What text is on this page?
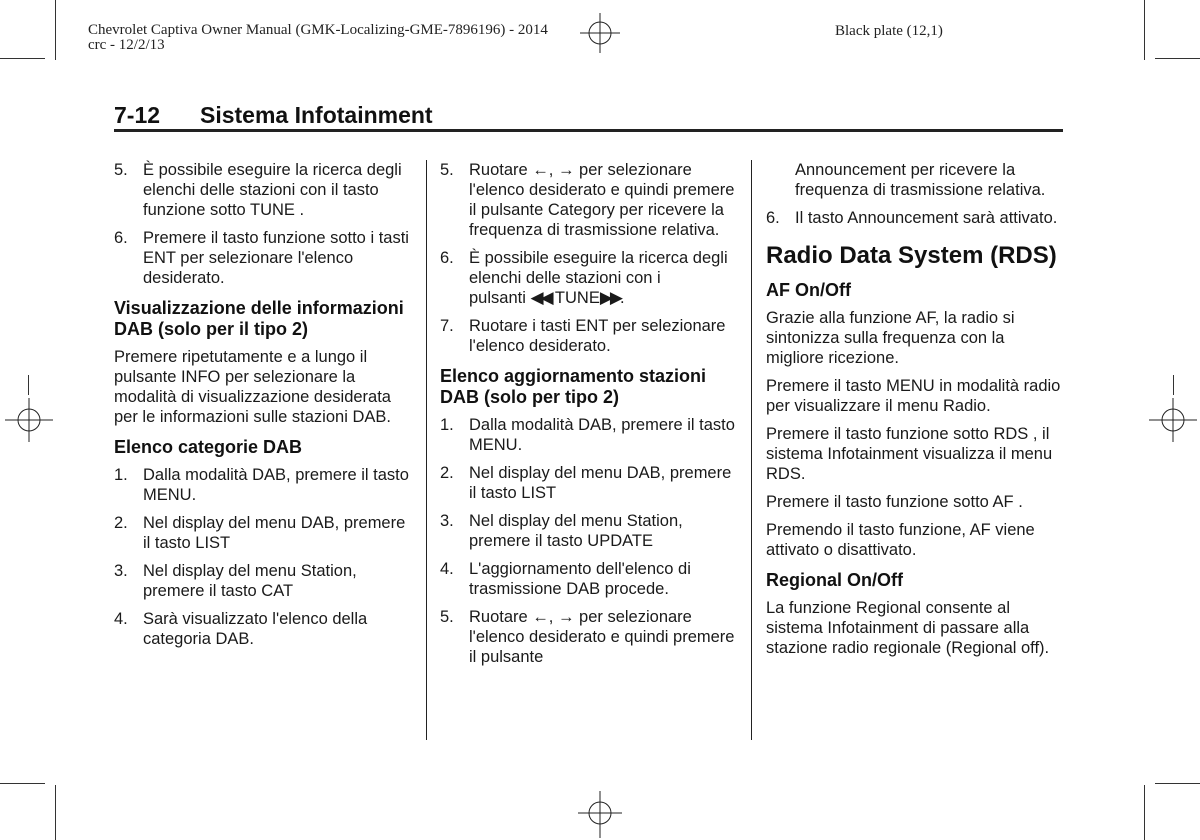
Chevrolet Captiva Owner Manual (GMK-Localizing-GME-7896196) - 2014
crc - 12/2/13
Black plate (12,1)
7-12 Sistema Infotainment
5. È possibile eseguire la ricerca degli elenchi delle stazioni con il tasto funzione sotto TUNE .
6. Premere il tasto funzione sotto i tasti ENT per selezionare l'elenco desiderato.
Visualizzazione delle informazioni DAB (solo per il tipo 2)

Premere ripetutamente e a lungo il pulsante INFO per selezionare la modalità di visualizzazione desiderata per le informazioni sulle stazioni DAB.

Elenco categorie DAB
1. Dalla modalità DAB, premere il tasto MENU.
2. Nel display del menu DAB, premere il tasto LIST
3. Nel display del menu Station, premere il tasto CAT
4. Sarà visualizzato l'elenco della categoria DAB.
5. Ruotare ←, → per selezionare l'elenco desiderato e quindi premere il pulsante Category per ricevere la frequenza di trasmissione relativa.
6. È possibile eseguire la ricerca degli elenchi delle stazioni con i
pulsanti ◀◀ TUNE▶▶.
7. Ruotare i tasti ENT per selezionare l'elenco desiderato.
Elenco aggiornamento stazioni DAB (solo per tipo 2)
1. Dalla modalità DAB, premere il tasto MENU.
2. Nel display del menu DAB, premere il tasto LIST
3. Nel display del menu Station, premere il tasto UPDATE
4. L'aggiornamento dell'elenco di trasmissione DAB procede.
5. Ruotare ←, → per selezionare l'elenco desiderato e quindi premere il pulsante
Announcement per ricevere la frequenza di trasmissione relativa.
6. Il tasto Announcement sarà attivato.
Radio Data System (RDS)
AF On/Off

Grazie alla funzione AF, la radio si sintonizza sulla frequenza con la migliore ricezione.

Premere il tasto MENU in modalità radio per visualizzare il menu Radio.

Premere il tasto funzione sotto RDS , il sistema Infotainment visualizza il menu RDS.

Premere il tasto funzione sotto AF .

Premendo il tasto funzione, AF viene attivato o disattivato.

Regional On/Off

La funzione Regional consente al sistema Infotainment di passare alla stazione radio regionale (Regional off).
